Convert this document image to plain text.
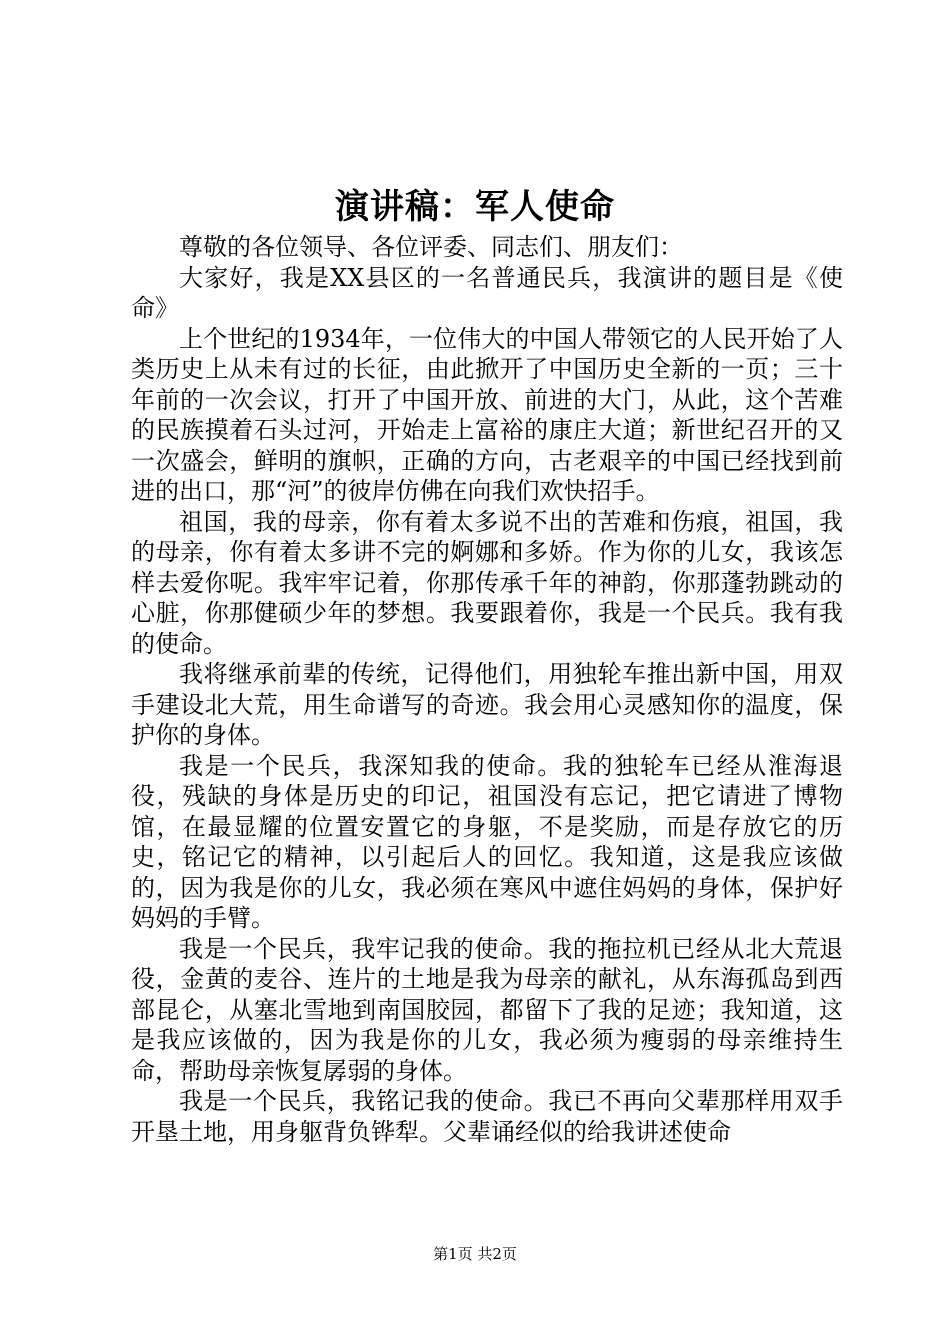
演讲稿：军人使命

尊敬的各位领导、各位评委、同志们、朋友们：

大家好，我是XX县区的一名普通民兵，我演讲的题目是《使命》

上个世纪的1934年，一位伟大的中国人带领它的人民开始了人类历史上从未有过的长征，由此掀开了中国历史全新的一页；三十年前的一次会议，打开了中国开放、前进的大门，从此，这个苦难的民族摸着石头过河，开始走上富裕的康庄大道；新世纪召开的又一次盛会，鲜明的旗帜，正确的方向，古老艰辛的中国已经找到前进的出口，那“河”的彼岸仿佛在向我们欢快招手。

祖国，我的母亲，你有着太多说不出的苦难和伤痕，祖国，我的母亲，你有着太多讲不完的婀娜和多娇。作为你的儿女，我该怎样去爱你呢。我牢牢记着，你那传承千年的神韵，你那蓬勃跳动的心脏，你那健硕少年的梦想。我要跟着你，我是一个民兵。我有我的使命。

我将继承前辈的传统，记得他们，用独轮车推出新中国，用双手建设北大荒，用生命谱写的奇迹。我会用心灵感知你的温度，保护你的身体。

我是一个民兵，我深知我的使命。我的独轮车已经从淮海退役，残缺的身体是历史的印记，祖国没有忘记，把它请进了博物馆，在最显耀的位置安置它的身躯，不是奖励，而是存放它的历史，铭记它的精神，以引起后人的回忆。我知道，这是我应该做的，因为我是你的儿女，我必须在寒风中遮住妈妈的身体，保护好妈妈的手臂。

我是一个民兵，我牢记我的使命。我的拖拉机已经从北大荒退役，金黄的麦谷、连片的土地是我为母亲的献礼，从东海孤岛到西部昆仑，从塞北雪地到南国胶园，都留下了我的足迹；我知道，这是我应该做的，因为我是你的儿女，我必须为瘦弱的母亲维持生命，帮助母亲恢复孱弱的身体。

我是一个民兵，我铭记我的使命。我已不再向父辈那样用双手开垦土地，用身躯背负铧犁。父辈诵经似的给我讲述使命

第1页 共2页
